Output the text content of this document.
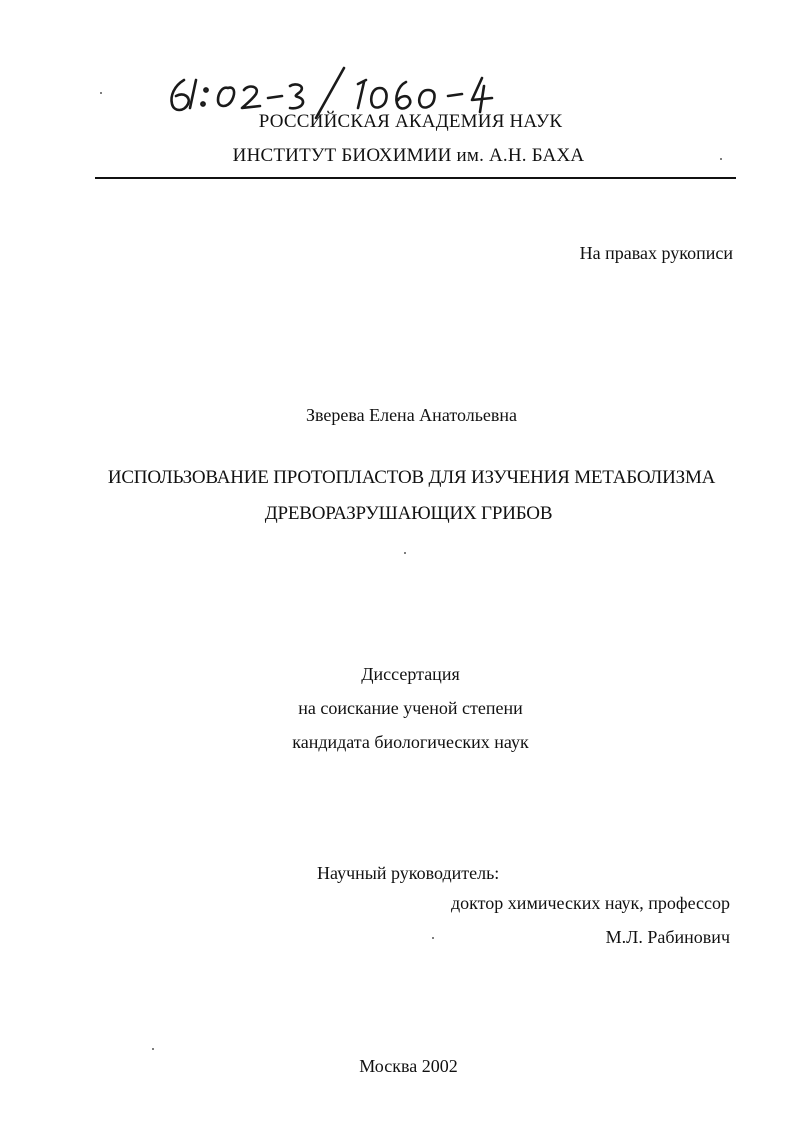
РОССИЙСКАЯ АКАДЕМИЯ НАУК
ИНСТИТУТ БИОХИМИИ им. А.Н. БАХА
На правах рукописи
Зверева Елена Анатольевна
ИСПОЛЬЗОВАНИЕ ПРОТОПЛАСТОВ ДЛЯ ИЗУЧЕНИЯ МЕТАБОЛИЗМА
ДРЕВОРАЗРУШАЮЩИХ ГРИБОВ
Диссертация
на соискание ученой степени
кандидата биологических наук
Научный руководитель:
доктор химических наук, профессор
М.Л. Рабинович
Москва 2002
